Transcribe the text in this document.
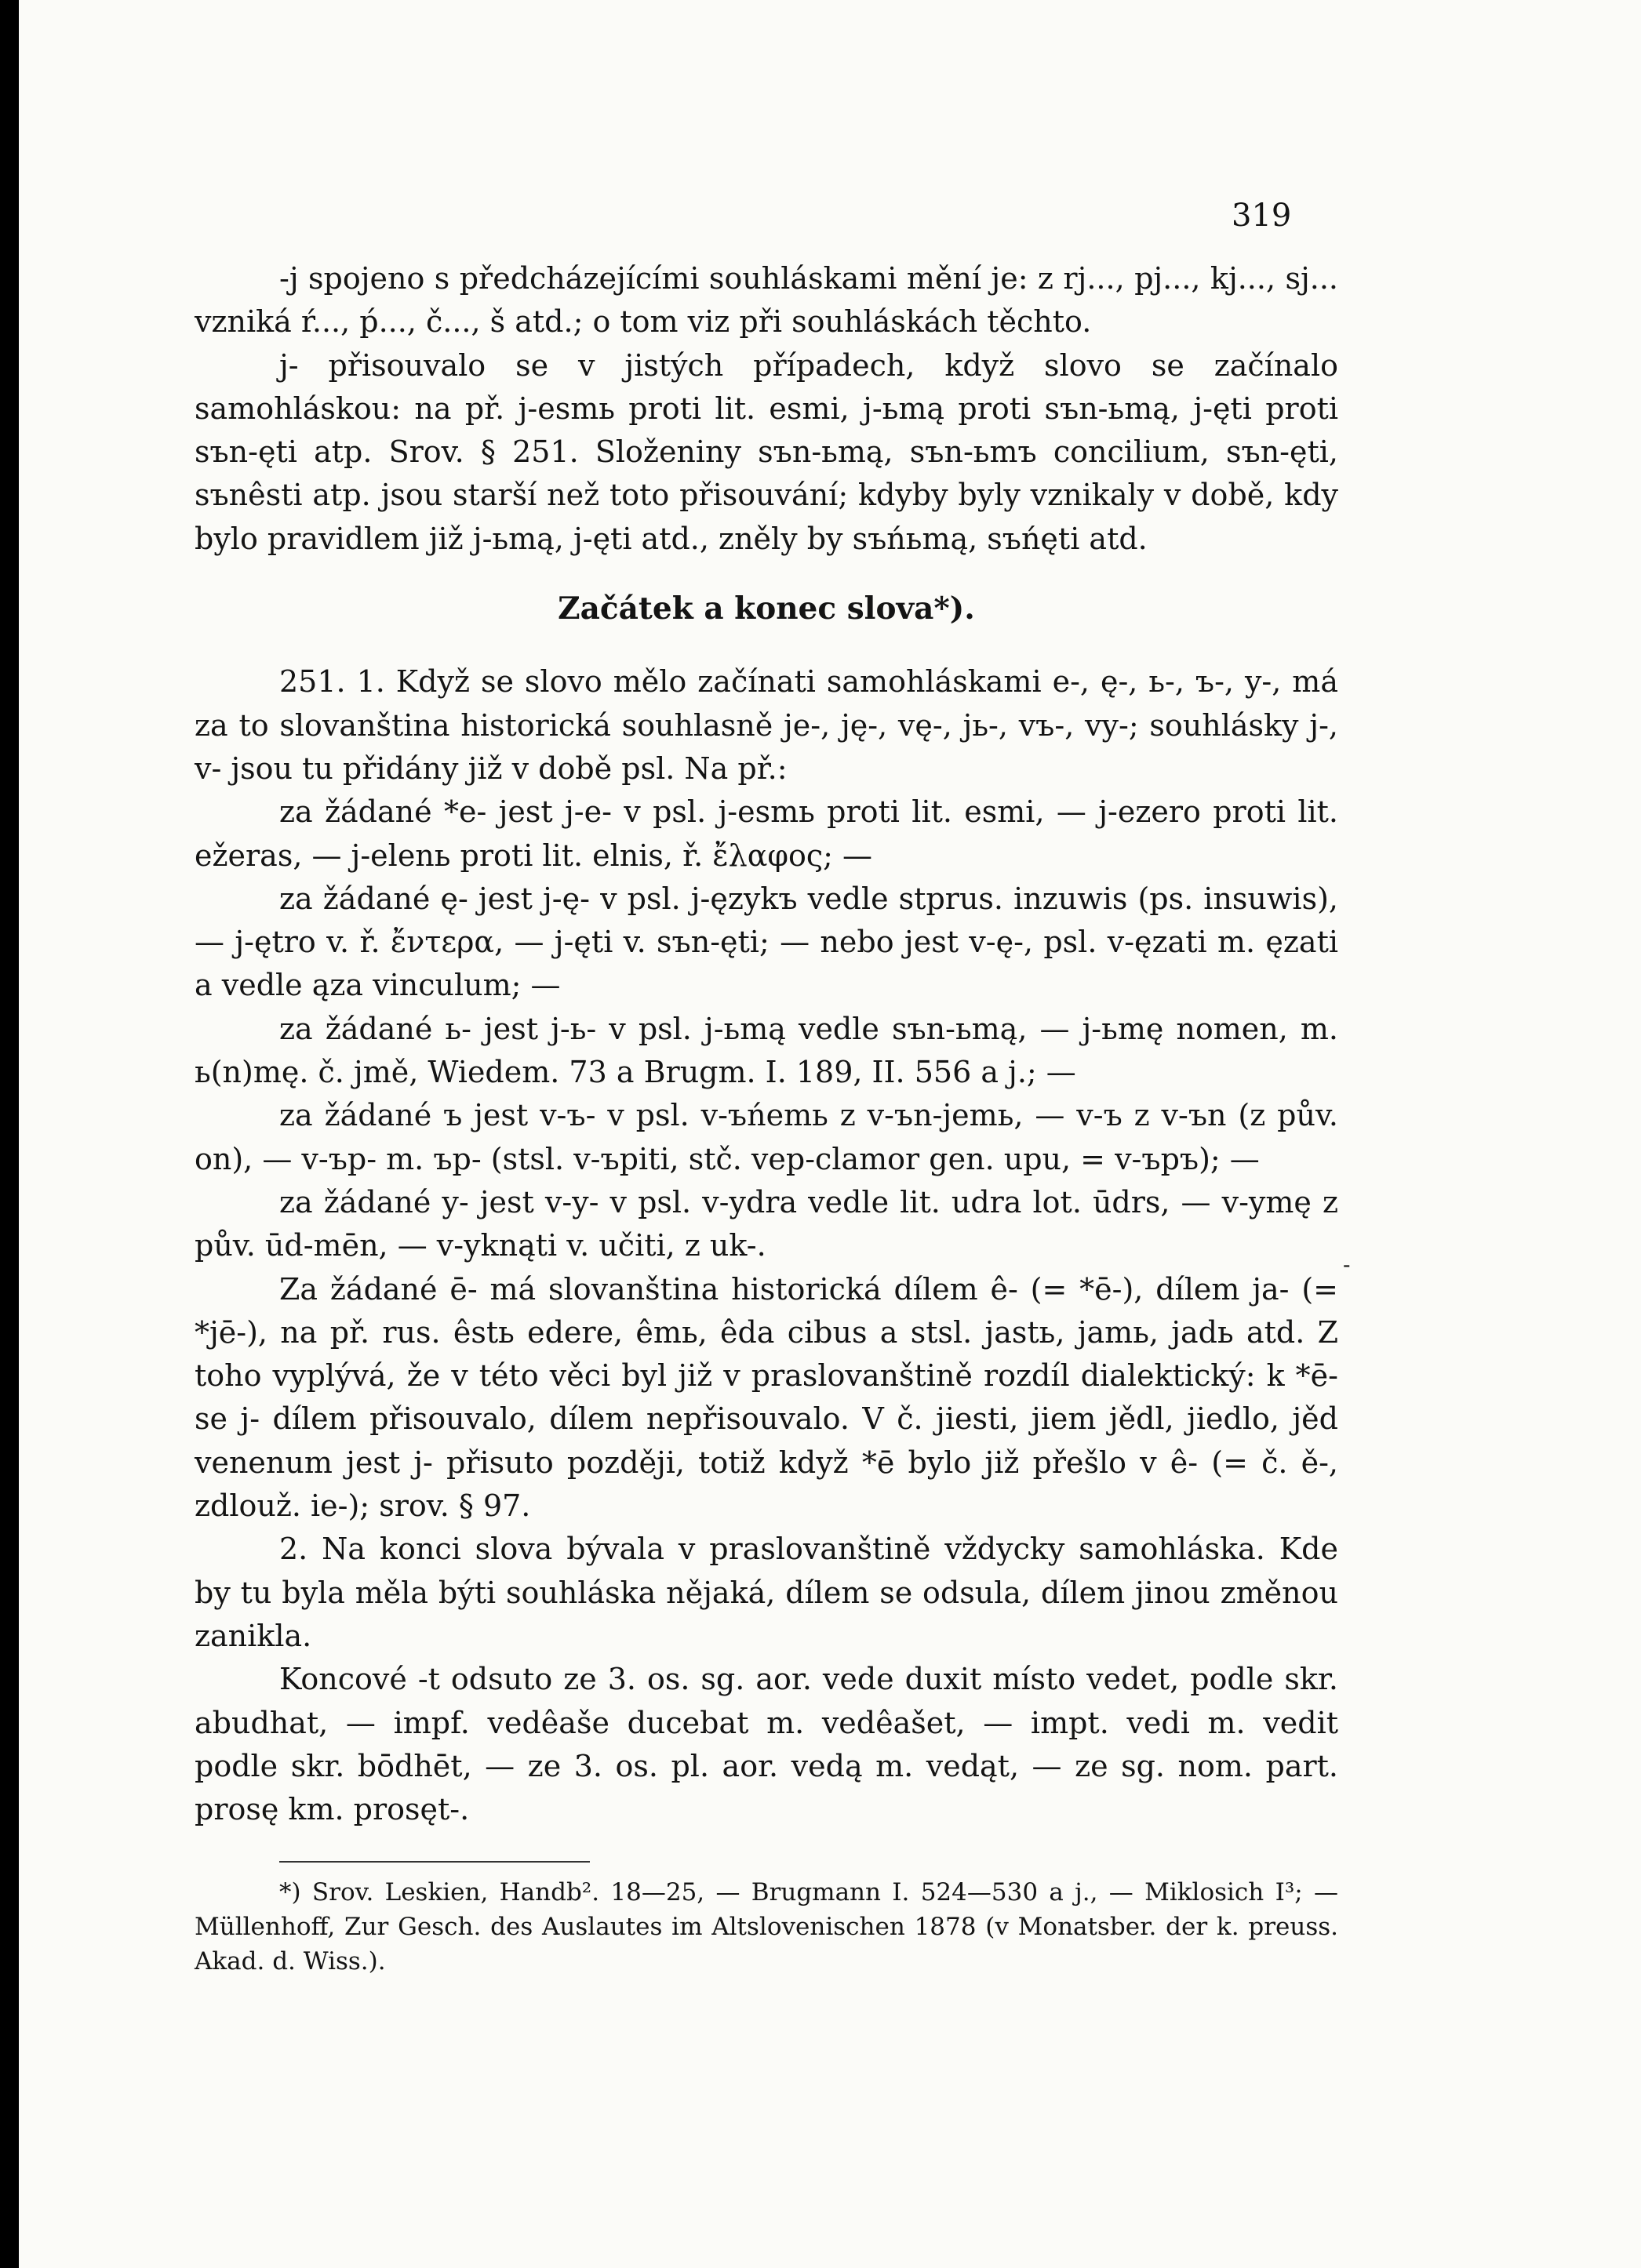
319
-

-j spojeno s předcházejícími souhláskami mění je: z rj..., pj..., kj..., sj... vzniká ŕ..., ṕ..., č..., š atd.; o tom viz při souhláskách těchto.

j- přisouvalo se v jistých případech, když slovo se začínalo samohláskou: na př. j-esmь proti lit. esmi, j-ьmą proti sъn-ьmą, j-ęti proti sъn-ęti atp. Srov. § 251. Složeniny sъn-ьmą, sъn-ьmъ concilium, sъn-ęti, sъnêsti atp. jsou starší než toto přisouvání; kdyby byly vznikaly v době, kdy bylo pravidlem již j-ьmą, j-ęti atd., zněly by sъńьmą, sъńęti atd.

Začátek a konec slova*).

251. 1. Když se slovo mělo začínati samohláskami e-, ę-, ь-, ъ-, y-, má za to slovanština historická souhlasně je-, ję-, vę-, jь-, vъ-, vy-; souhlásky j-, v- jsou tu přidány již v době psl. Na př.:

za žádané *e- jest j-e- v psl. j-esmь proti lit. esmi, — j-ezero proti lit. ežeras, — j-elenь proti lit. elnis, ř. ἔλαφος; —

za žádané ę- jest j-ę- v psl. j-ęzykъ vedle stprus. inzuwis (ps. insuwis), — j-ętro v. ř. ἔντερα, — j-ęti v. sъn-ęti; — nebo jest v-ę-, psl. v-ęzati m. ęzati a vedle ąza vinculum; —

za žádané ь- jest j-ь- v psl. j-ьmą vedle sъn-ьmą, — j-ьmę nomen, m. ь(n)mę. č. jmě, Wiedem. 73 a Brugm. I. 189, II. 556 a j.; —

za žádané ъ jest v-ъ- v psl. v-ъńemь z v-ъn-jemь, — v-ъ z v-ъn (z pův. on), — v-ъp- m. ъp- (stsl. v-ъpiti, stč. vep-clamor gen. upu, = v-ъpъ); —

za žádané y- jest v-y- v psl. v-ydra vedle lit. udra lot. ūdrs, — v-ymę z pův. ūd-mēn, — v-yknąti v. učiti, z uk-.

Za žádané ē- má slovanština historická dílem ê- (= *ē-), dílem ja- (= *jē-), na př. rus. êstь edere, êmь, êda cibus a stsl. jastь, jamь, jadь atd. Z toho vyplývá, že v této věci byl již v praslovanštině rozdíl dialektický: k *ē- se j- dílem přisouvalo, dílem nepřisouvalo. V č. jiesti, jiem jědl, jiedlo, jěd venenum jest j- přisuto později, totiž když *ē bylo již přešlo v ê- (= č. ě-, zdlouž. ie-); srov. § 97.

2. Na konci slova bývala v praslovanštině vždycky samohláska. Kde by tu byla měla býti souhláska nějaká, dílem se odsula, dílem jinou změnou zanikla.

Koncové -t odsuto ze 3. os. sg. aor. vede duxit místo vedet, podle skr. abudhat, — impf. vedêaše ducebat m. vedêašet, — impt. vedi m. vedit podle skr. bōdhēt, — ze 3. os. pl. aor. vedą m. vedąt, — ze sg. nom. part. prosę km. prosęt-.

*) Srov. Leskien, Handb². 18—25, — Brugmann I. 524—530 a j., — Miklosich I³; — Müllenhoff, Zur Gesch. des Auslautes im Altslovenischen 1878 (v Monatsber. der k. preuss. Akad. d. Wiss.).
